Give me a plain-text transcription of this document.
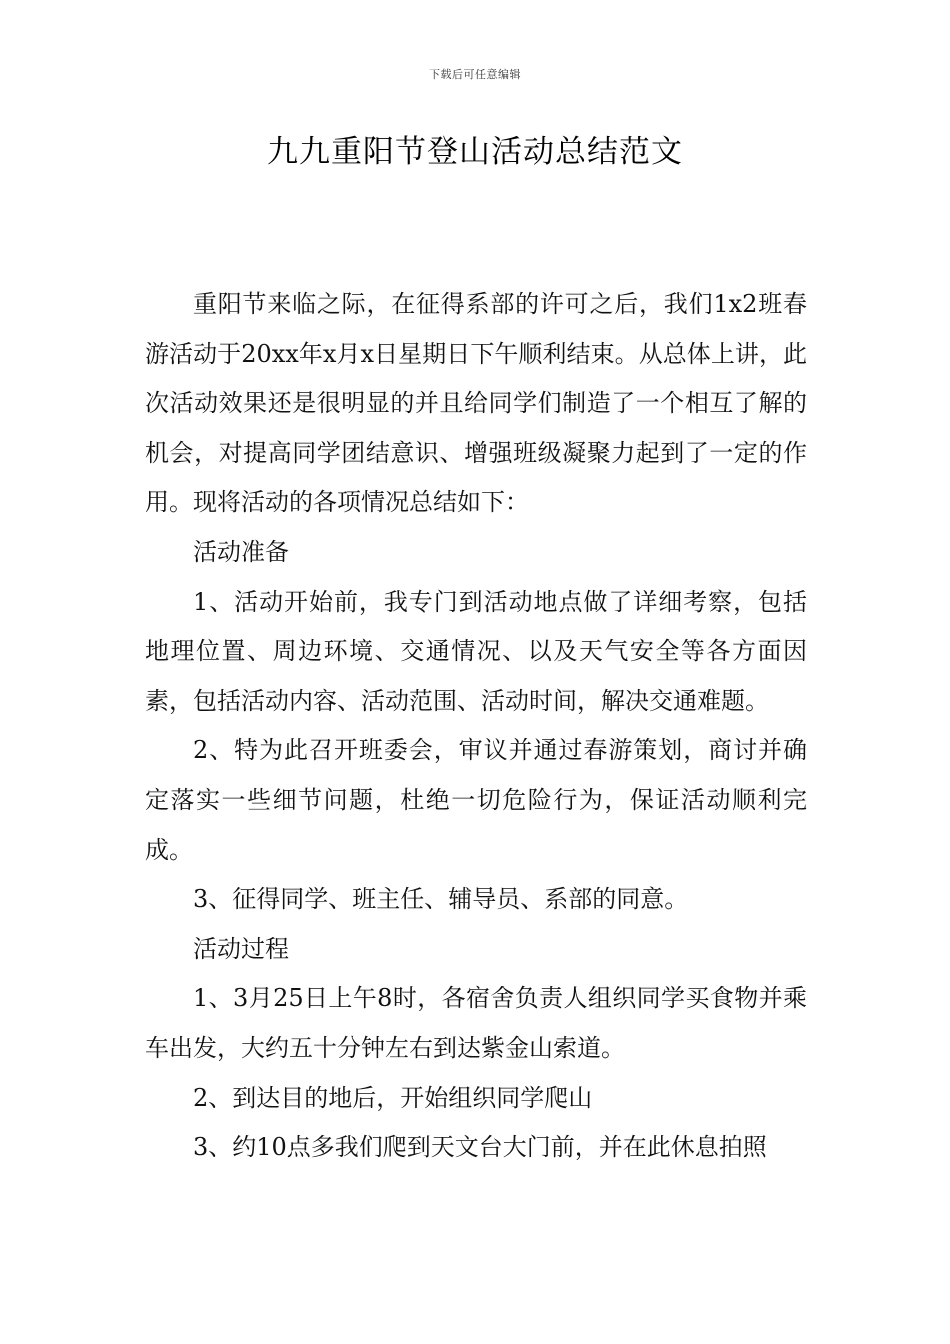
下载后可任意编辑
九九重阳节登山活动总结范文

重阳节来临之际，在征得系部的许可之后，我们1x2班春游活动于20xx年x月x日星期日下午顺利结束。从总体上讲，此次活动效果还是很明显的并且给同学们制造了一个相互了解的机会，对提高同学团结意识、增强班级凝聚力起到了一定的作用。现将活动的各项情况总结如下：

活动准备

1、活动开始前，我专门到活动地点做了详细考察，包括地理位置、周边环境、交通情况、以及天气安全等各方面因素，包括活动内容、活动范围、活动时间，解决交通难题。

2、特为此召开班委会，审议并通过春游策划，商讨并确定落实一些细节问题，杜绝一切危险行为，保证活动顺利完成。

3、征得同学、班主任、辅导员、系部的同意。

活动过程

1、3月25日上午8时，各宿舍负责人组织同学买食物并乘车出发，大约五十分钟左右到达紫金山索道。

2、到达目的地后，开始组织同学爬山

3、约10点多我们爬到天文台大门前，并在此休息拍照
